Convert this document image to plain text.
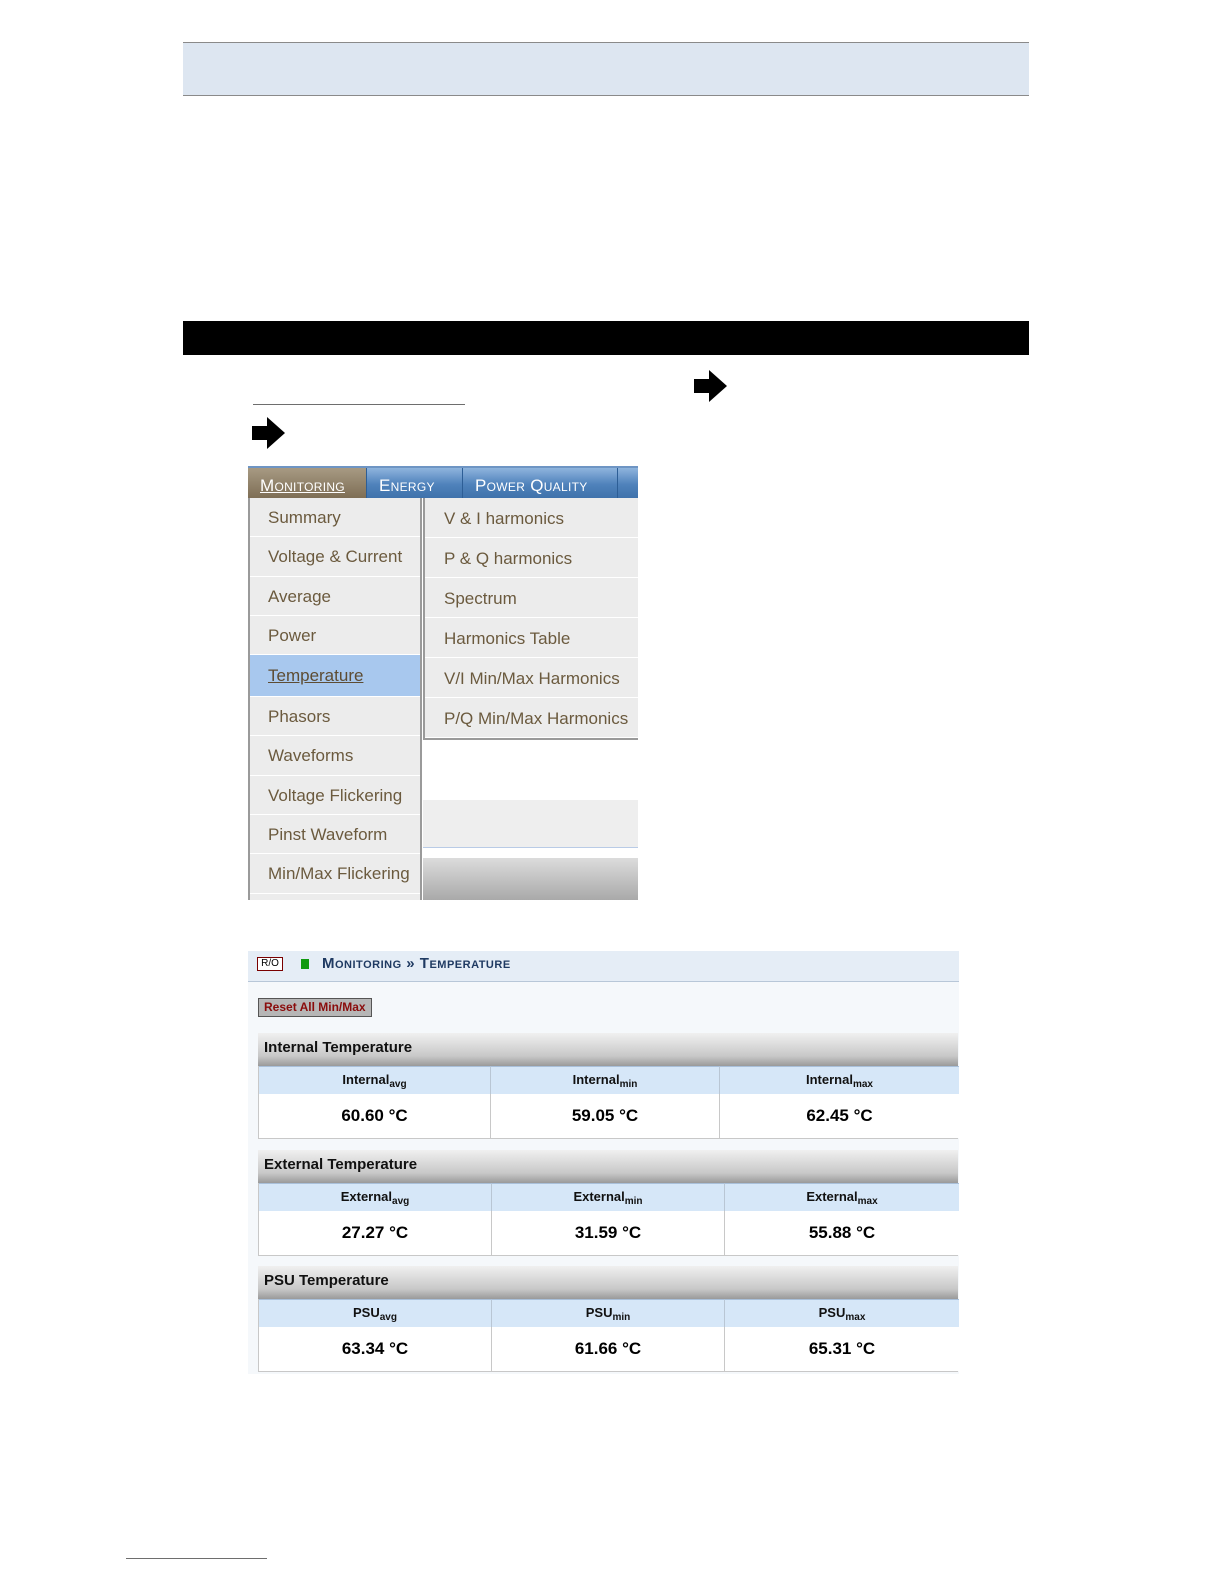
Monitoring	Energy	Power Quality
Summary
Voltage & Current
Average
Power
Temperature
Phasors
Waveforms
Voltage Flickering
Pinst Waveform
Min/Max Flickering
V & I harmonics
P & Q harmonics
Spectrum
Harmonics Table
V/I Min/Max Harmonics
P/Q Min/Max Harmonics
R/O	Monitoring » Temperature
Reset All Min/Max
Internal Temperature
Internal$_{avg}$	Internal$_{min}$	Internal$_{max}$
60.60 °C	59.05 °C	62.45 °C
External Temperature
External$_{avg}$	External$_{min}$	External$_{max}$
27.27 °C	31.59 °C	55.88 °C
PSU Temperature
$PSU_{avg}$	$PSU_{min}$	$PSU_{max}$
63.34 °C	61.66 °C	65.31 °C
